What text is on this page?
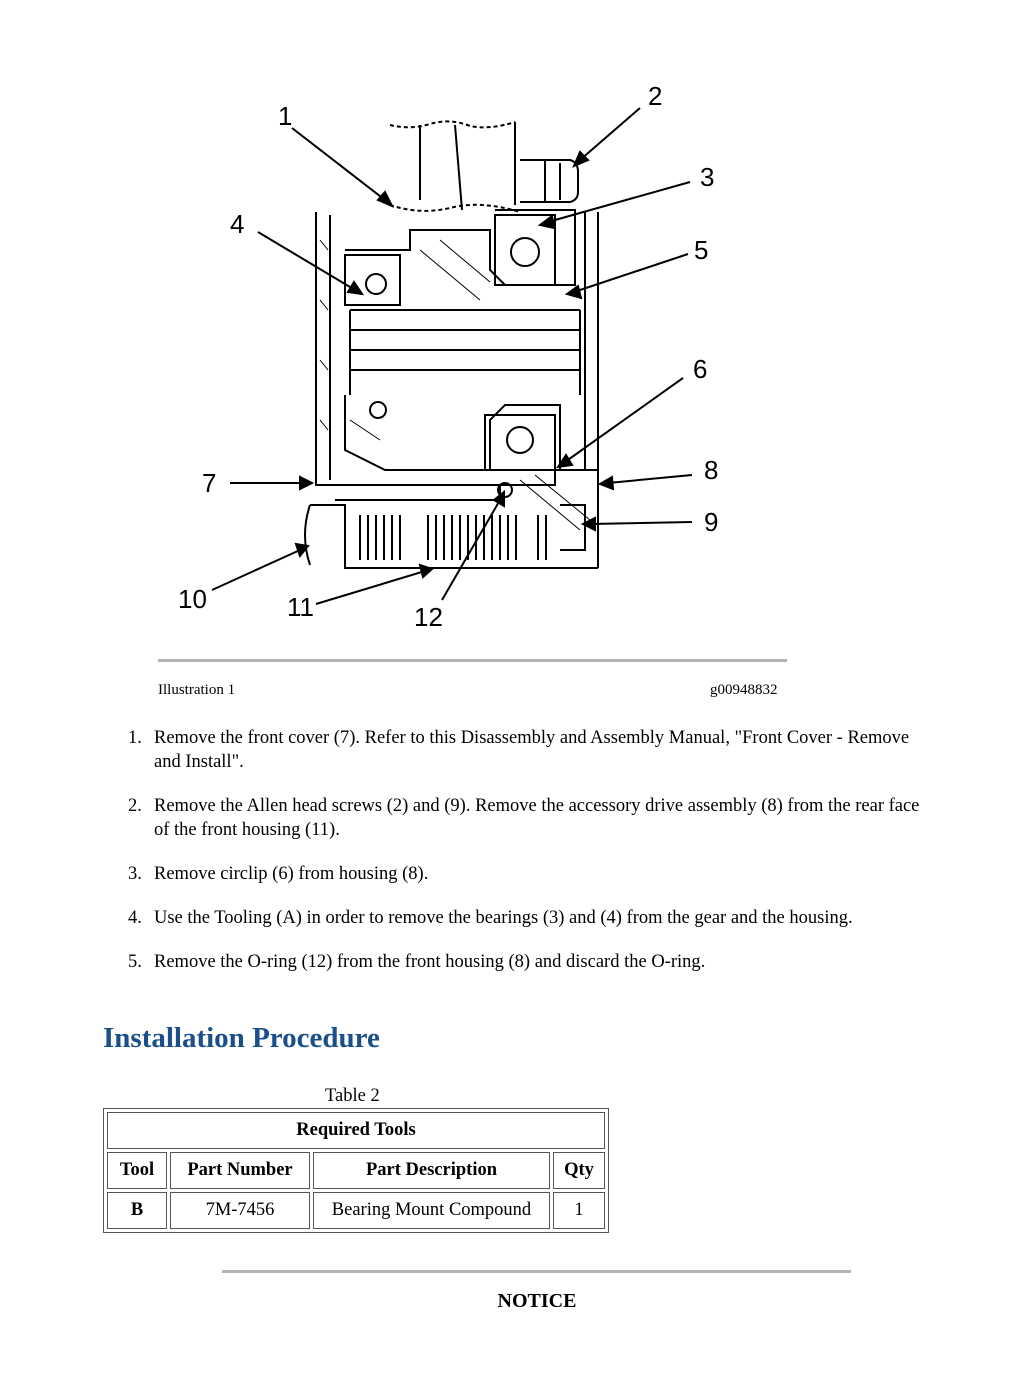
1
2
3
4
5
6
7	8
9
10	11	12
Illustration 1	g00948832
1. Remove the front cover (7). Refer to this Disassembly and Assembly Manual, "Front Cover - Remove and Install".
2. Remove the Allen head screws (2) and (9). Remove the accessory drive assembly (8) from the rear face of the front housing (11).
3. Remove circlip (6) from housing (8).
4. Use the Tooling (A) in order to remove the bearings (3) and (4) from the gear and the housing.
5. Remove the O-ring (12) from the front housing (8) and discard the O-ring.
Installation Procedure
Table 2
Required Tools			
Tool	Part Number	Part Description	Qty
B	7M-7456	Bearing Mount Compound	1
NOTICE
